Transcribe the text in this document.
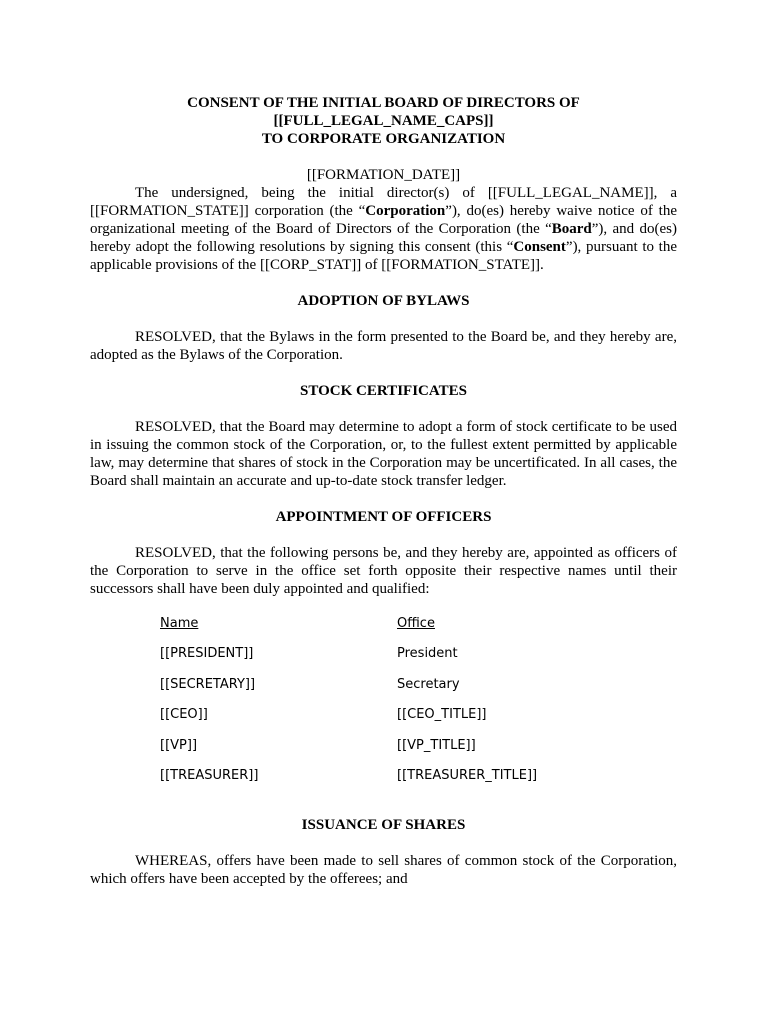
CONSENT OF THE INITIAL BOARD OF DIRECTORS OF
[[FULL_LEGAL_NAME_CAPS]]
TO CORPORATE ORGANIZATION
[[FORMATION_DATE]]

The undersigned, being the initial director(s) of [[FULL_LEGAL_NAME]], a [[FORMATION_STATE]] corporation (the “Corporation”), do(es) hereby waive notice of the organizational meeting of the Board of Directors of the Corporation (the “Board”), and do(es) hereby adopt the following resolutions by signing this consent (this “Consent”), pursuant to the applicable provisions of the [[CORP_STAT]] of [[FORMATION_STATE]].

ADOPTION OF BYLAWS

RESOLVED, that the Bylaws in the form presented to the Board be, and they hereby are, adopted as the Bylaws of the Corporation.

STOCK CERTIFICATES

RESOLVED, that the Board may determine to adopt a form of stock certificate to be used in issuing the common stock of the Corporation, or, to the fullest extent permitted by applicable law, may determine that shares of stock in the Corporation may be uncertificated. In all cases, the Board shall maintain an accurate and up-to-date stock transfer ledger.

APPOINTMENT OF OFFICERS

RESOLVED, that the following persons be, and they hereby are, appointed as officers of the Corporation to serve in the office set forth opposite their respective names until their successors shall have been duly appointed and qualified:

Name	Office
[[PRESIDENT]]	President
[[SECRETARY]]	Secretary
[[CEO]]	[[CEO_TITLE]]
[[VP]]	[[VP_TITLE]]
[[TREASURER]]	[[TREASURER_TITLE]]
ISSUANCE OF SHARES

WHEREAS, offers have been made to sell shares of common stock of the Corporation, which offers have been accepted by the offerees; and
